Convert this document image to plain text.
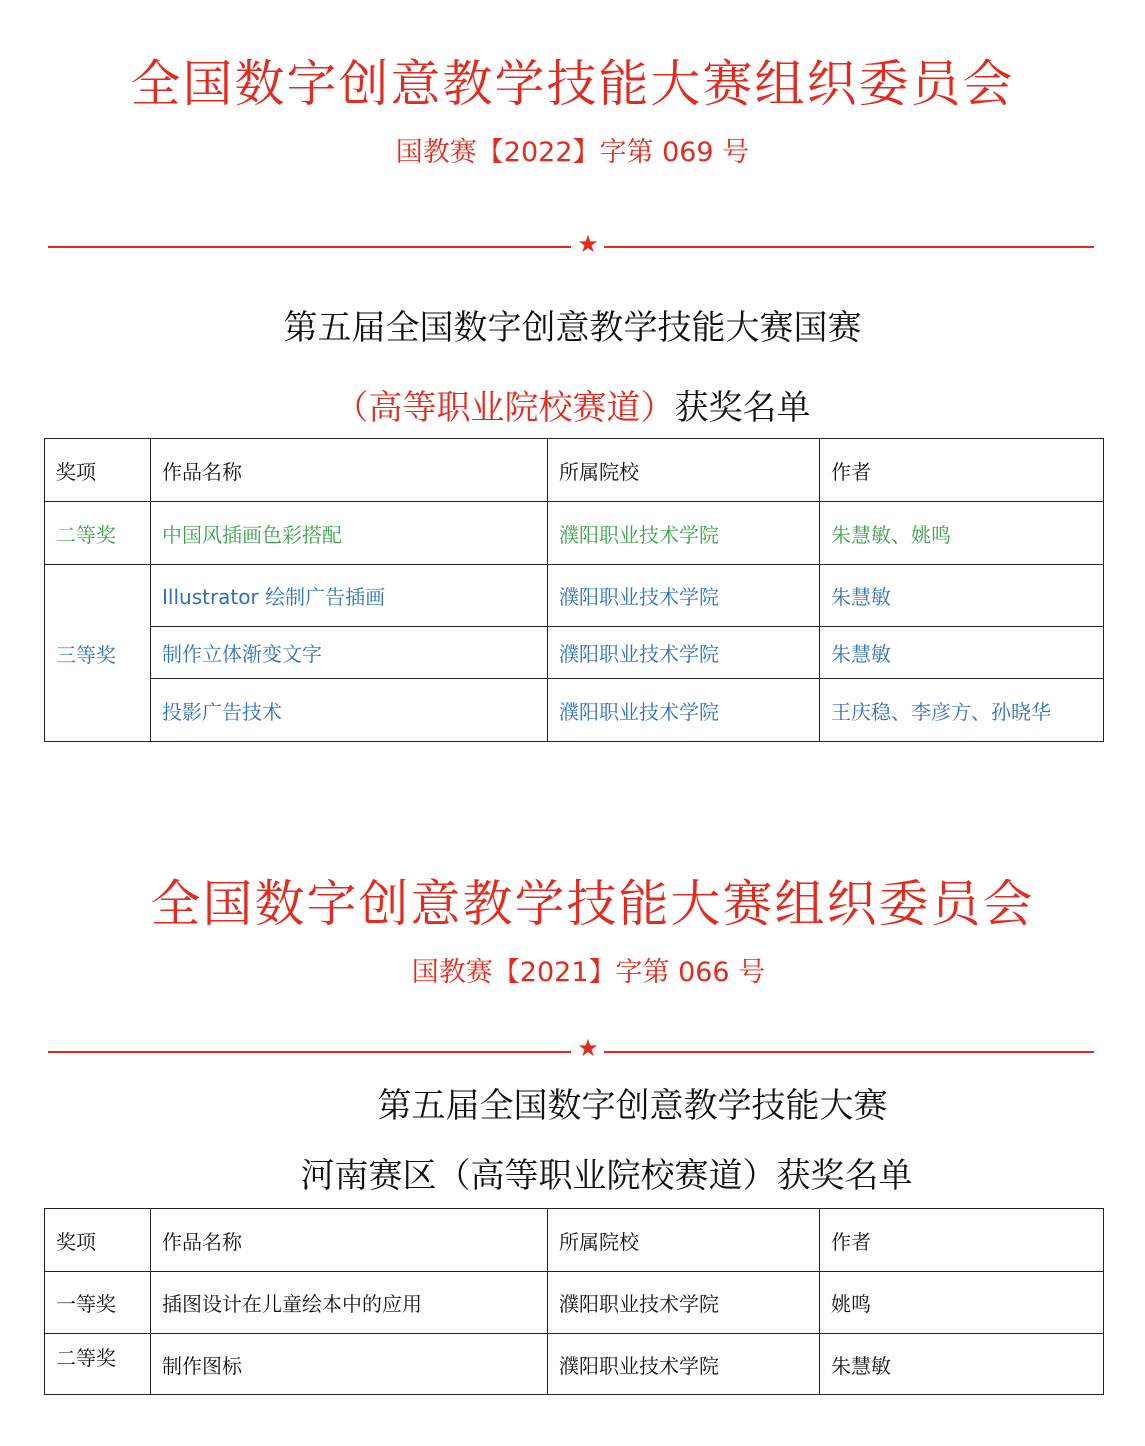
全国数字创意教学技能大赛组织委员会
国教赛【2022】字第 069 号
★
第五届全国数字创意教学技能大赛国赛
（高等职业院校赛道）获奖名单
奖项	作品名称	所属院校	作者
二等奖	中国风插画色彩搭配	濮阳职业技术学院	朱慧敏、姚鸣
三等奖	Illustrator 绘制广告插画	濮阳职业技术学院	朱慧敏
	制作立体渐变文字	濮阳职业技术学院	朱慧敏
	投影广告技术	濮阳职业技术学院	王庆稳、李彦方、孙晓华
全国数字创意教学技能大赛组织委员会
国教赛【2021】字第 066 号
★
第五届全国数字创意教学技能大赛
河南赛区（高等职业院校赛道）获奖名单
奖项	作品名称	所属院校	作者
一等奖	插图设计在儿童绘本中的应用	濮阳职业技术学院	姚鸣
二等奖	制作图标	濮阳职业技术学院	朱慧敏
